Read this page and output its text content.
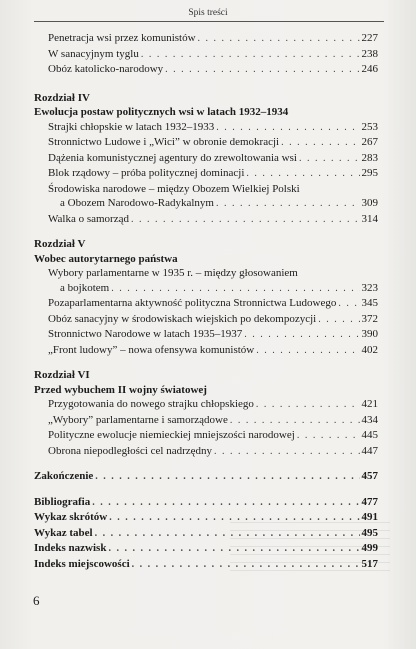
Spis treści
Penetracja wsi przez komunistów . . .	227
W sanacyjnym tyglu . . .	238
Obóz katolicko-narodowy . . .	246
Rozdział IV
Ewolucja postaw politycznych wsi w latach 1932–1934
Strajki chłopskie w latach 1932–1933 . . .	253
Stronnictwo Ludowe i „Wici” w obronie demokracji . . .	267
Dążenia komunistycznej agentury do zrewoltowania wsi . . .	283
Blok rządowy – próba politycznej dominacji . . .	295
Środowiska narodowe – między Obozem Wielkiej Polski
a Obozem Narodowo-Radykalnym . . .	309
Walka o samorząd . . .	314
Rozdział V
Wobec autorytarnego państwa
Wybory parlamentarne w 1935 r. – między głosowaniem
a bojkotem . . .	323
Pozaparlamentarna aktywność polityczna Stronnictwa Ludowego . . . 345
Obóz sanacyjny w środowiskach wiejskich po dekompozycji . . .	372
Stronnictwo Narodowe w latach 1935–1937 . . .	390
„Front ludowy” – nowa ofensywa komunistów . . .	402
Rozdział VI
Przed wybuchem II wojny światowej
Przygotowania do nowego strajku chłopskiego . . .	421
„Wybory” parlamentarne i samorządowe . . .	434
Polityczne ewolucje niemieckiej mniejszości narodowej . . .	445
Obrona niepodległości cel nadrzędny . . .	447
Zakończenie . . .	457
Bibliografia . . .	477
Wykaz skrótów . . .	491
Wykaz tabel . . .	495
Indeks nazwisk . . .	499
Indeks miejscowości . . .	517
6
